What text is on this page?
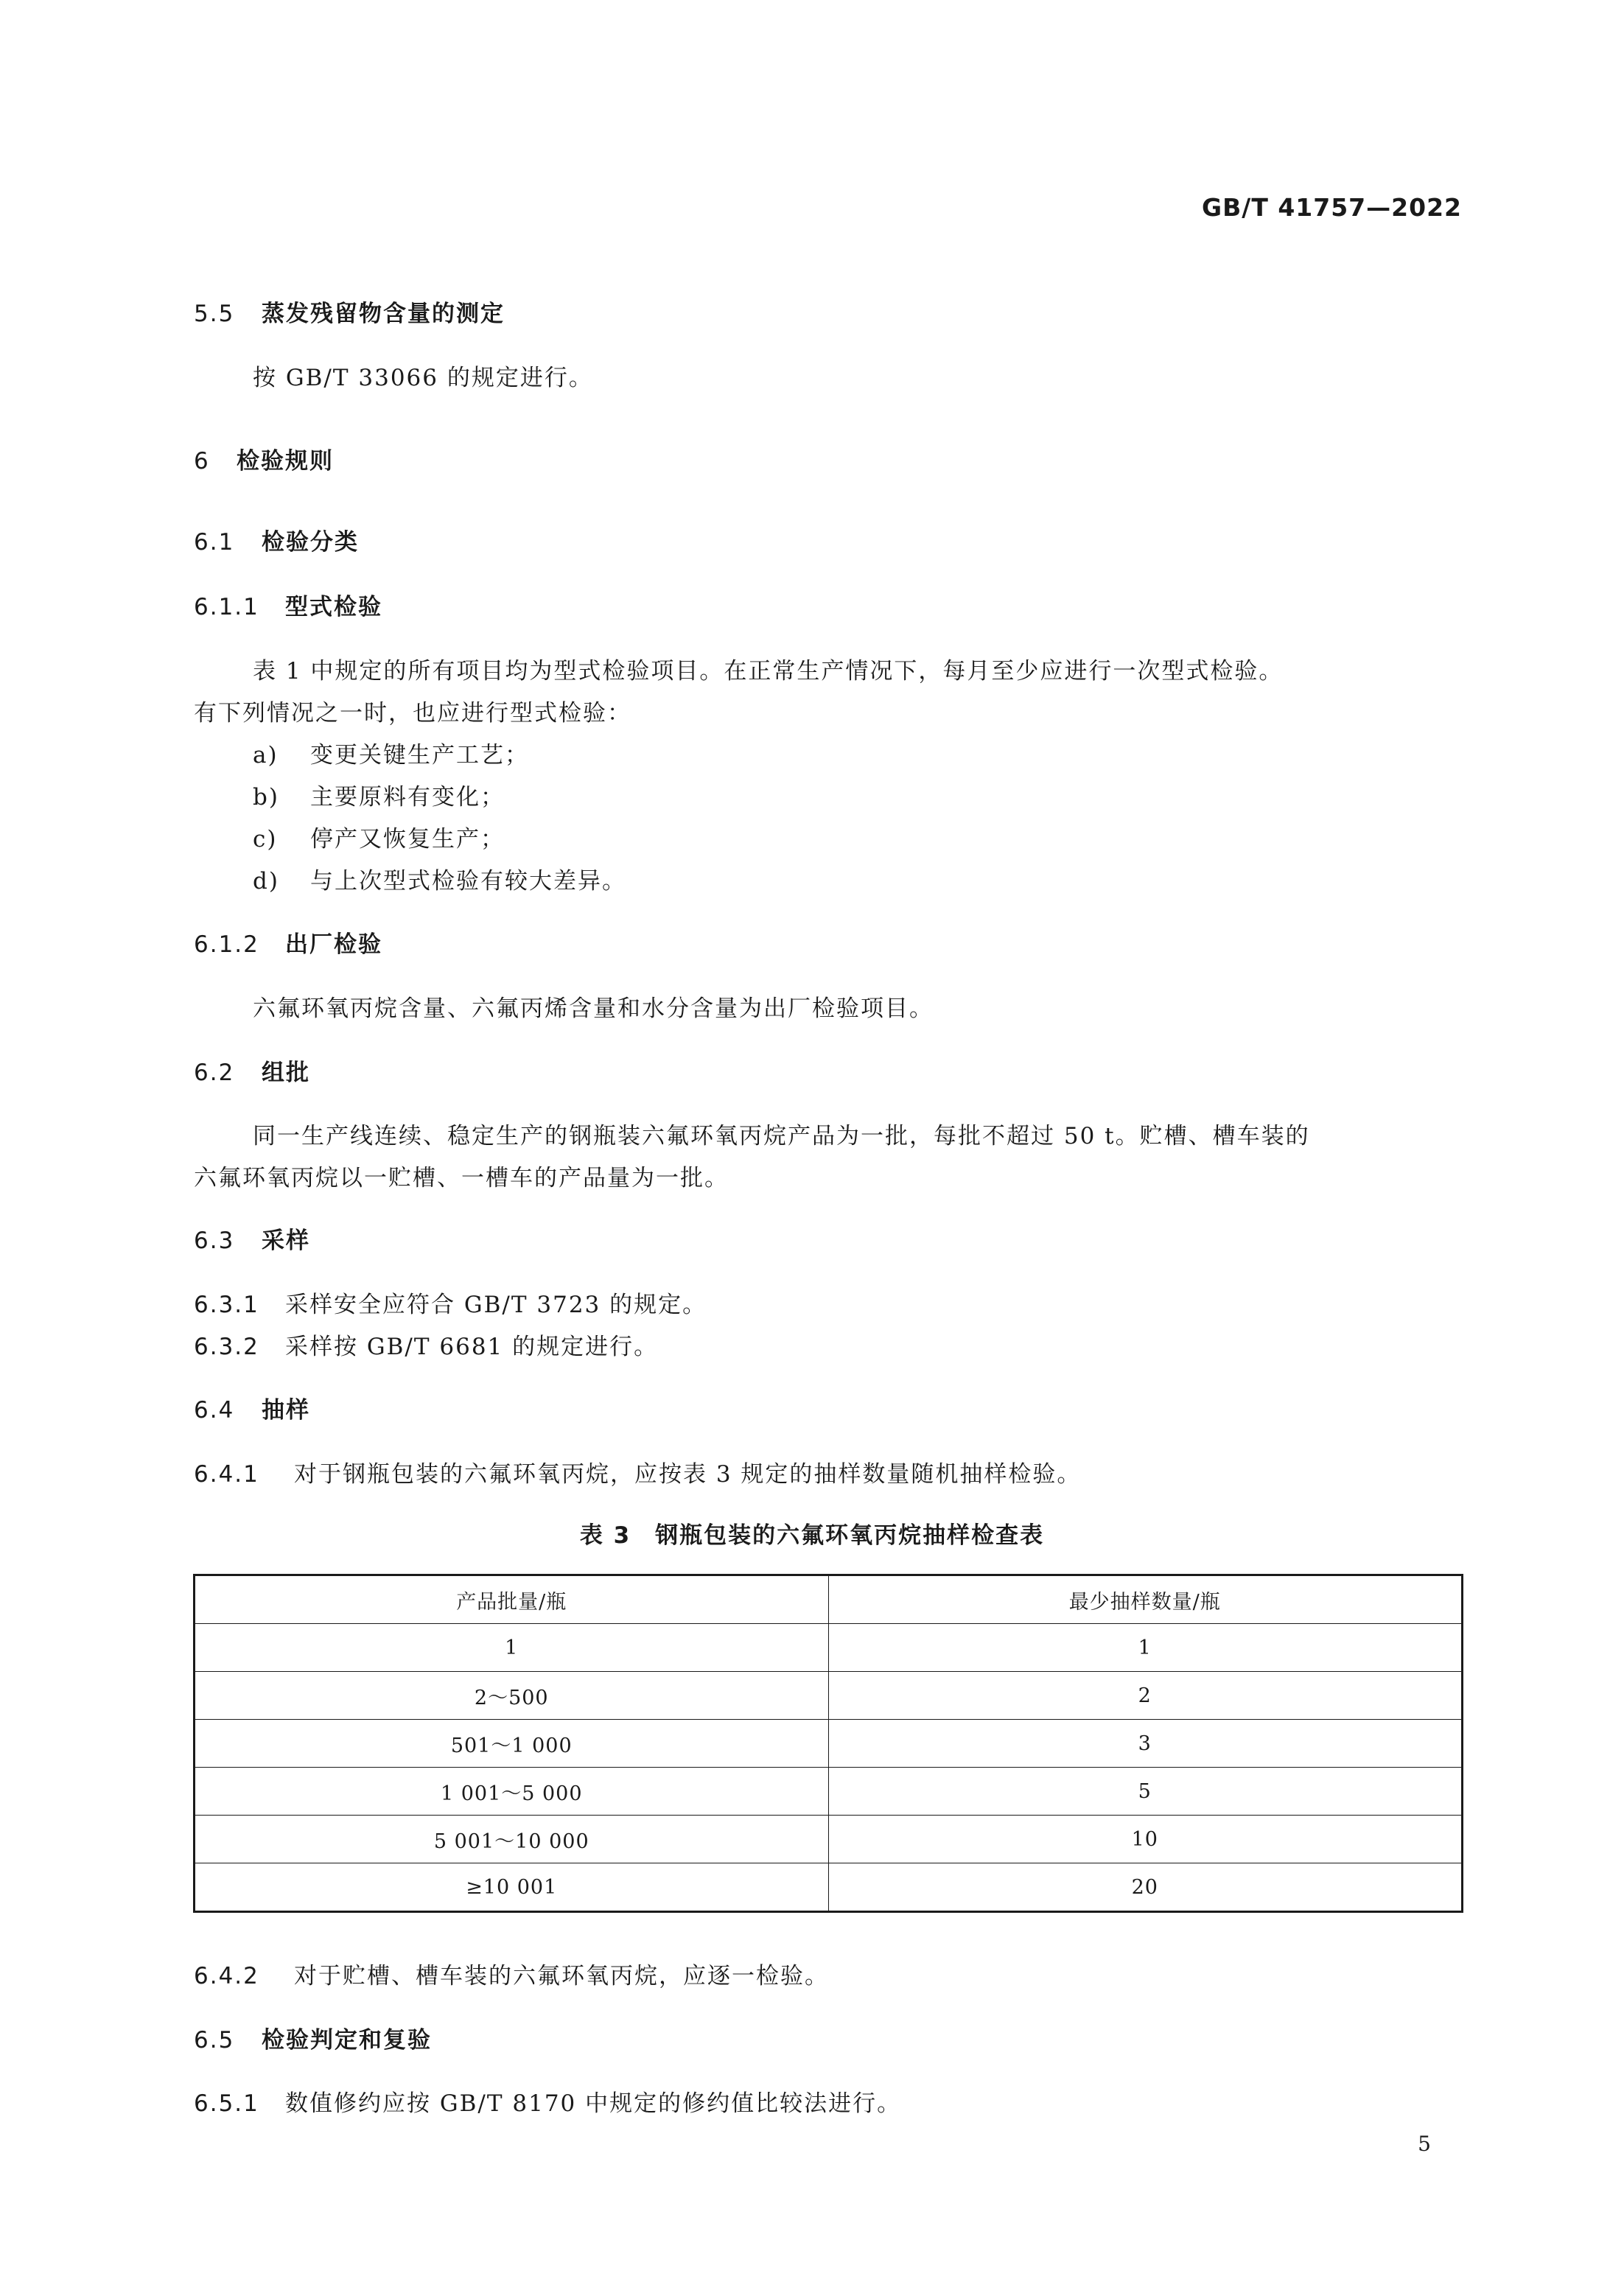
GB/T 41757—2022
5.5 蒸发残留物含量的测定
按 GB/T 33066 的规定进行。
6 检验规则
6.1 检验分类
6.1.1 型式检验
表 1 中规定的所有项目均为型式检验项目。在正常生产情况下，每月至少应进行一次型式检验。
有下列情况之一时，也应进行型式检验：
a) 变更关键生产工艺；
b) 主要原料有变化；
c) 停产又恢复生产；
d) 与上次型式检验有较大差异。
6.1.2 出厂检验
六氟环氧丙烷含量、六氟丙烯含量和水分含量为出厂检验项目。
6.2 组批
同一生产线连续、稳定生产的钢瓶装六氟环氧丙烷产品为一批，每批不超过 50 t。贮槽、槽车装的
六氟环氧丙烷以一贮槽、一槽车的产品量为一批。
6.3 采样
6.3.1 采样安全应符合 GB/T 3723 的规定。
6.3.2 采样按 GB/T 6681 的规定进行。
6.4 抽样
6.4.1 对于钢瓶包装的六氟环氧丙烷，应按表 3 规定的抽样数量随机抽样检验。
表 3　钢瓶包装的六氟环氧丙烷抽样检查表
产品批量/瓶	最少抽样数量/瓶
1	1
2～500	2
501～1 000	3
1 001～5 000	5
5 001～10 000	10
≥10 001	20
6.4.2 对于贮槽、槽车装的六氟环氧丙烷，应逐一检验。
6.5 检验判定和复验
6.5.1 数值修约应按 GB/T 8170 中规定的修约值比较法进行。
5
